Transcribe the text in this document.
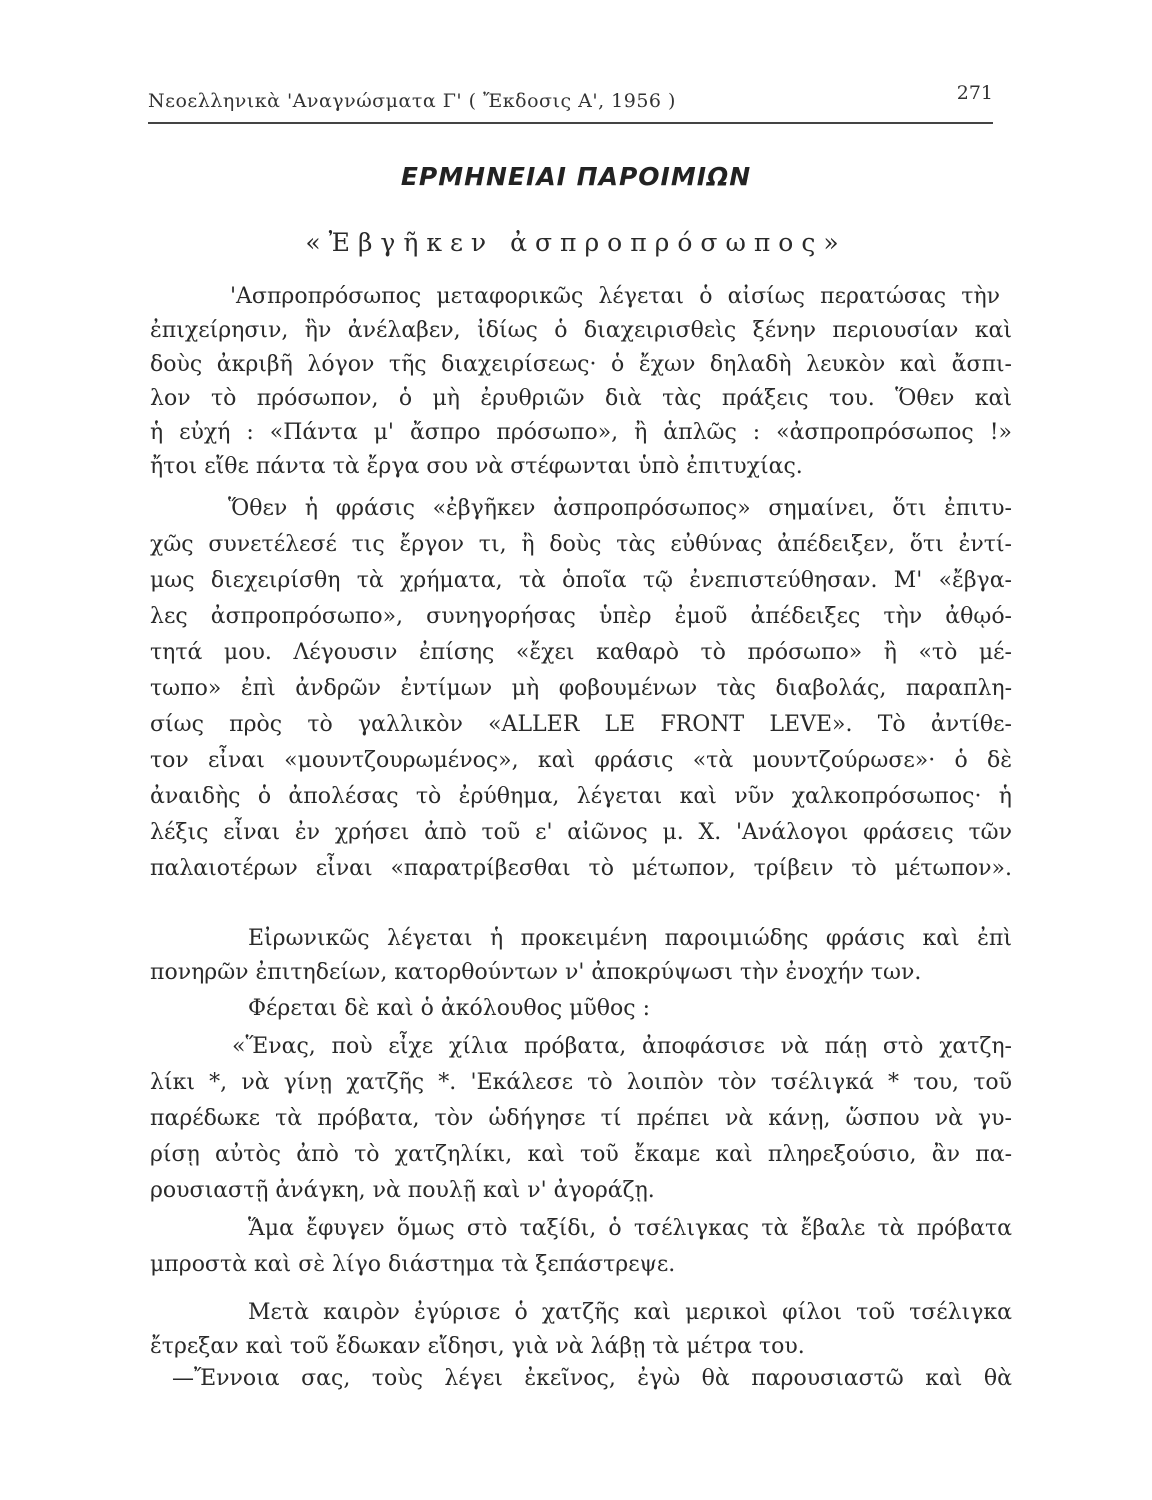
Νεοελληνικὰ 'Αναγνώσματα Γ' ( Ἔκδοσις Α', 1956 )	271
ΕΡΜΗΝΕΙΑΙ ΠΑΡΟΙΜΙΩΝ
«Ἐβγῆκεν ἀσπροπρόσωπος»
'Ασπροπρόσωπος μεταφορικῶς λέγεται ὁ αἰσίως περατώσας τὴν
ἐπιχείρησιν, ἣν ἀνέλαβεν, ἰδίως ὁ διαχειρισθεὶς ξένην περιουσίαν καὶ
δοὺς ἀκριβῆ λόγον τῆς διαχειρίσεως· ὁ ἔχων δηλαδὴ λευκὸν καὶ ἄσπι-
λον τὸ πρόσωπον, ὁ μὴ ἐρυθριῶν διὰ τὰς πράξεις του. Ὅθεν καὶ
ἡ εὐχή : «Πάντα μ' ἄσπρο πρόσωπο», ἢ ἁπλῶς : «ἀσπροπρόσωπος !»
ἤτοι εἴθε πάντα τὰ ἔργα σου νὰ στέφωνται ὑπὸ ἐπιτυχίας.
Ὅθεν ἡ φράσις «ἐβγῆκεν ἀσπροπρόσωπος» σημαίνει, ὅτι ἐπιτυ-
χῶς συνετέλεσέ τις ἔργον τι, ἢ δοὺς τὰς εὐθύνας ἀπέδειξεν, ὅτι ἐντί-
μως διεχειρίσθη τὰ χρήματα, τὰ ὁποῖα τῷ ἐνεπιστεύθησαν. Μ' «ἔβγα-
λες ἀσπροπρόσωπο», συνηγορήσας ὑπὲρ ἐμοῦ ἀπέδειξες τὴν ἀθῳό-
τητά μου. Λέγουσιν ἐπίσης «ἔχει καθαρὸ τὸ πρόσωπο» ἢ «τὸ μέ-
τωπο» ἐπὶ ἀνδρῶν ἐντίμων μὴ φοβουμένων τὰς διαβολάς, παραπλη-
σίως πρὸς τὸ γαλλικὸν «ALLER LE FRONT LEVE». Τὸ ἀντίθε-
τον εἶναι «μουντζουρωμένος», καὶ φράσις «τὰ μουντζούρωσε»· ὁ δὲ
ἀναιδὴς ὁ ἀπολέσας τὸ ἐρύθημα, λέγεται καὶ νῦν χαλκοπρόσωπος· ἡ
λέξις εἶναι ἐν χρήσει ἀπὸ τοῦ ε' αἰῶνος μ. Χ. 'Ανάλογοι φράσεις τῶν
παλαιοτέρων εἶναι «παρατρίβεσθαι τὸ μέτωπον, τρίβειν τὸ μέτωπον».
Εἰρωνικῶς λέγεται ἡ προκειμένη παροιμιώδης φράσις καὶ ἐπὶ
πονηρῶν ἐπιτηδείων, κατορθούντων ν' ἀποκρύψωσι τὴν ἐνοχήν των.
Φέρεται δὲ καὶ ὁ ἀκόλουθος μῦθος :
«Ἕνας, ποὺ εἶχε χίλια πρόβατα, ἀποφάσισε νὰ πάῃ στὸ χατζη-
λίκι *, νὰ γίνῃ χατζῆς *. 'Εκάλεσε τὸ λοιπὸν τὸν τσέλιγκά * του, τοῦ
παρέδωκε τὰ πρόβατα, τὸν ὡδήγησε τί πρέπει νὰ κάνῃ, ὥσπου νὰ γυ-
ρίσῃ αὐτὸς ἀπὸ τὸ χατζηλίκι, καὶ τοῦ ἔκαμε καὶ πληρεξούσιο, ἂν πα-
ρουσιαστῇ ἀνάγκη, νὰ πουλῇ καὶ ν' ἀγοράζῃ.
Ἅμα ἔφυγεν ὅμως στὸ ταξίδι, ὁ τσέλιγκας τὰ ἔβαλε τὰ πρόβατα
μπροστὰ καὶ σὲ λίγο διάστημα τὰ ξεπάστρεψε.
Μετὰ καιρὸν ἐγύρισε ὁ χατζῆς καὶ μερικοὶ φίλοι τοῦ τσέλιγκα
ἔτρεξαν καὶ τοῦ ἔδωκαν εἴδησι, γιὰ νὰ λάβῃ τὰ μέτρα του.
—Ἔννοια σας, τοὺς λέγει ἐκεῖνος, ἐγὼ θὰ παρουσιαστῶ καὶ θὰ
